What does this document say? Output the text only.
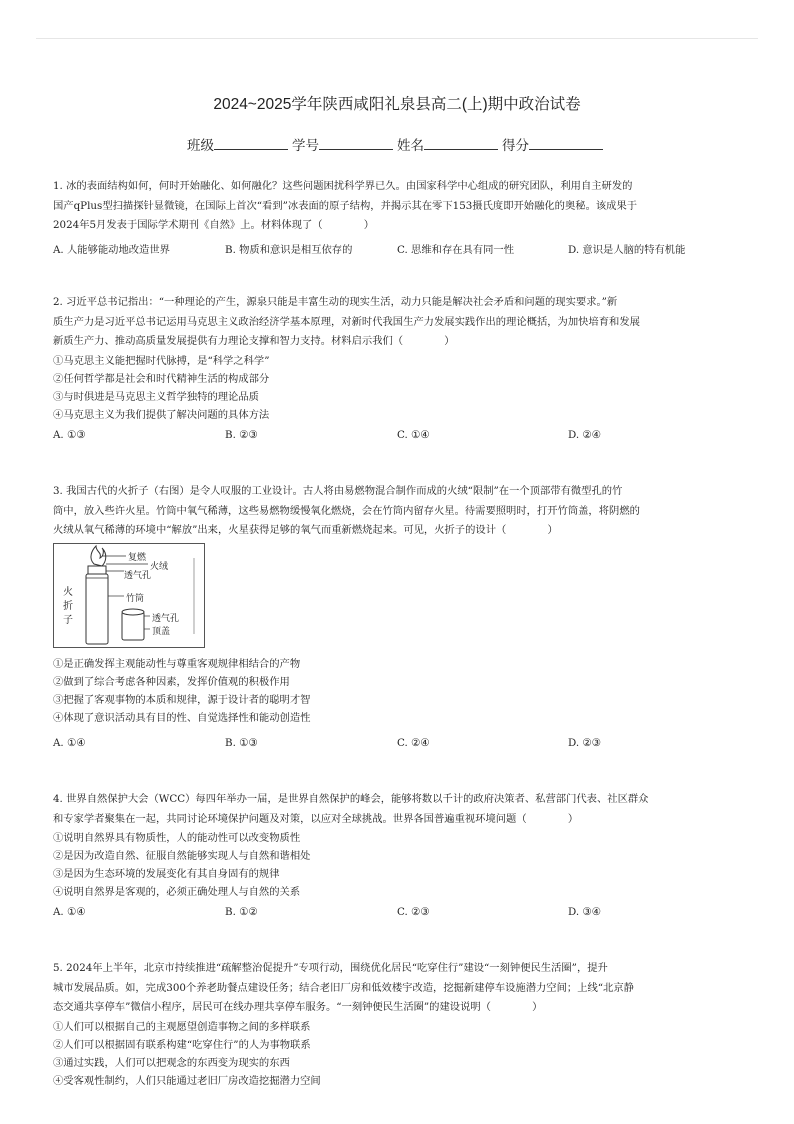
2024~2025学年陕西咸阳礼泉县高二(上)期中政治试卷
班级	学号	姓名	得分

1. 冰的表面结构如何，何时开始融化、如何融化？这些问题困扰科学界已久。由国家科学中心组成的研究团队，利用自主研发的

国产qPlus型扫描探针显微镜，在国际上首次“看到”冰表面的原子结构，并揭示其在零下153摄氏度即开始融化的奥秘。该成果于

2024年5月发表于国际学术期刊《自然》上。材料体现了（　　　　）

A. 人能够能动地改造世界	B. 物质和意识是相互依存的	C. 思维和存在具有同一性	D. 意识是人脑的特有机能

2. 习近平总书记指出：“一种理论的产生，源泉只能是丰富生动的现实生活，动力只能是解决社会矛盾和问题的现实要求。”新

质生产力是习近平总书记运用马克思主义政治经济学基本原理，对新时代我国生产力发展实践作出的理论概括，为加快培育和发展

新质生产力、推动高质量发展提供有力理论支撑和智力支持。材料启示我们（　　　　）

①马克思主义能把握时代脉搏，是“科学之科学”

②任何哲学都是社会和时代精神生活的构成部分

③与时俱进是马克思主义哲学独特的理论品质

④马克思主义为我们提供了解决问题的具体方法

A. ①③	B. ②③	C. ①④	D. ②④

3. 我国古代的火折子（右图）是令人叹服的工业设计。古人将由易燃物混合制作而成的火绒“限制”在一个顶部带有微型孔的竹

筒中，放入些许火星。竹筒中氧气稀薄，这些易燃物缓慢氧化燃烧，会在竹筒内留存火星。待需要照明时，打开竹筒盖，将阴燃的

火绒从氧气稀薄的环境中“解放”出来，火星获得足够的氧气而重新燃烧起来。可见，火折子的设计（　　　　）

复燃
火绒
透气孔
竹筒
透气孔
顶盖
火折子

①是正确发挥主观能动性与尊重客观规律相结合的产物

②做到了综合考虑各种因素，发挥价值观的积极作用

③把握了客观事物的本质和规律，源于设计者的聪明才智

④体现了意识活动具有目的性、自觉选择性和能动创造性

A. ①④	B. ①③	C. ②④	D. ②③

4. 世界自然保护大会（WCC）每四年举办一届，是世界自然保护的峰会，能够将数以千计的政府决策者、私营部门代表、社区群众

和专家学者聚集在一起，共同讨论环境保护问题及对策，以应对全球挑战。世界各国普遍重视环境问题（　　　　）

①说明自然界具有物质性，人的能动性可以改变物质性

②是因为改造自然、征服自然能够实现人与自然和谐相处

③是因为生态环境的发展变化有其自身固有的规律

④说明自然界是客观的，必须正确处理人与自然的关系

A. ①④	B. ①②	C. ②③	D. ③④

5. 2024年上半年，北京市持续推进“疏解整治促提升”专项行动，围绕优化居民“吃穿住行”建设“一刻钟便民生活圈”，提升

城市发展品质。如，完成300个养老助餐点建设任务；结合老旧厂房和低效楼宇改造，挖掘新建停车设施潜力空间；上线“北京静

态交通共享停车”微信小程序，居民可在线办理共享停车服务。“一刻钟便民生活圈”的建设说明（　　　　）

①人们可以根据自己的主观愿望创造事物之间的多样联系

②人们可以根据固有联系构建“吃穿住行”的人为事物联系

③通过实践，人们可以把观念的东西变为现实的东西

④受客观性制约，人们只能通过老旧厂房改造挖掘潜力空间
